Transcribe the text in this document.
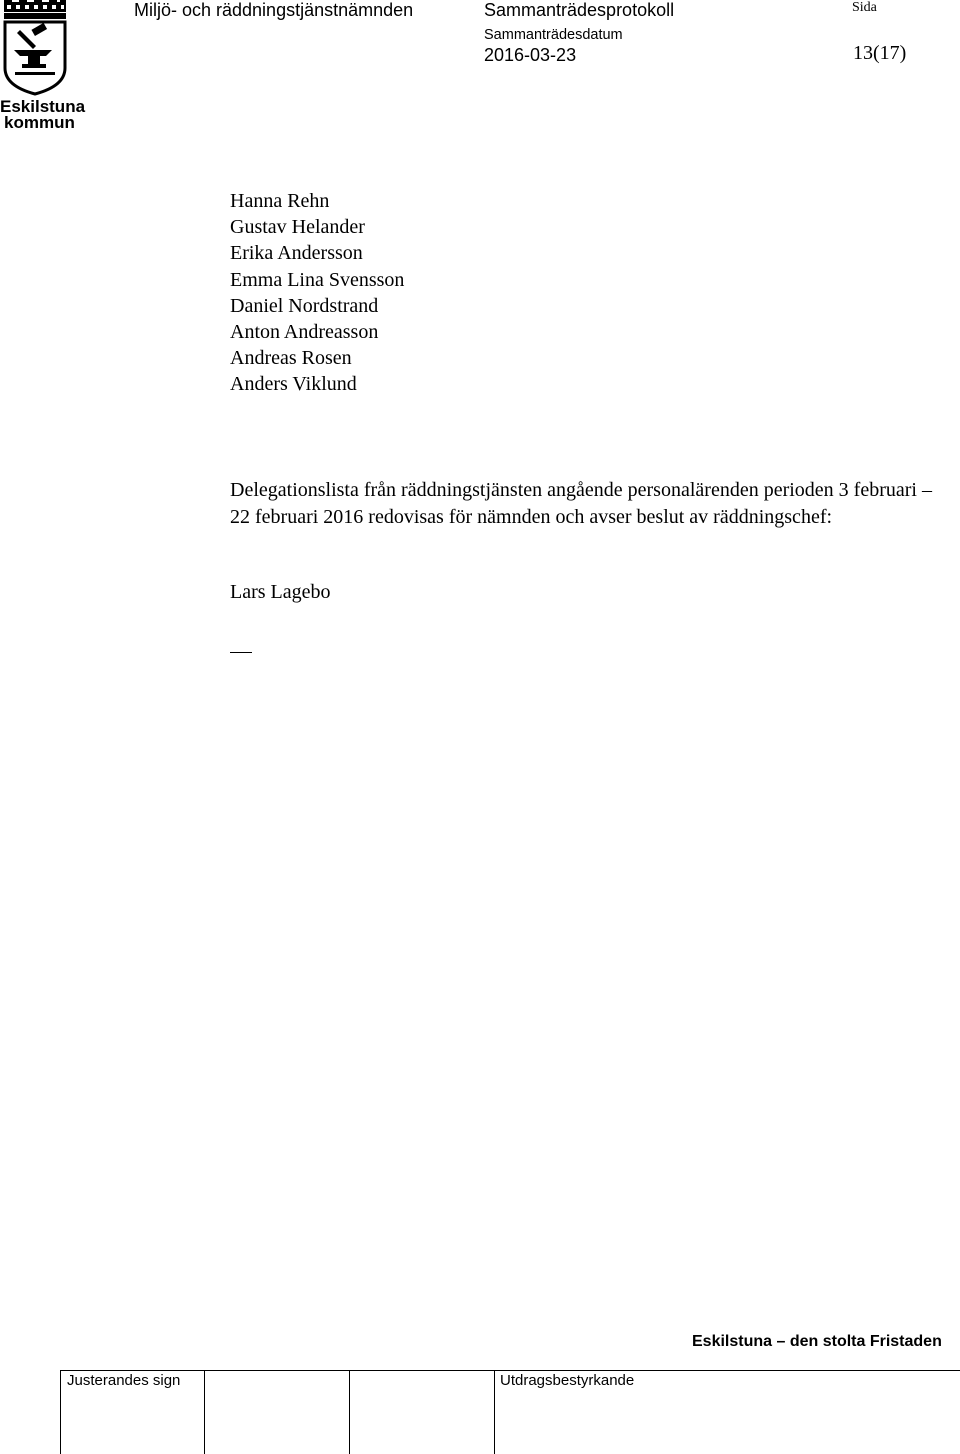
Eskilstuna
kommun
Miljö- och räddningstjänstnämnden	Sammanträdesprotokoll
Sammanträdesdatum
2016-03-23
Sida
13(17)
Hanna Rehn
Gustav Helander
Erika Andersson
Emma Lina Svensson
Daniel Nordstrand
Anton Andreasson
Andreas Rosen
Anders Viklund
Delegationslista från räddningstjänsten angående personalärenden perioden 3 februari – 22 februari 2016 redovisas för nämnden och avser beslut av räddningschef:
Lars Lagebo
Eskilstuna – den stolta Fristaden
Justerandes sign	Utdragsbestyrkande
